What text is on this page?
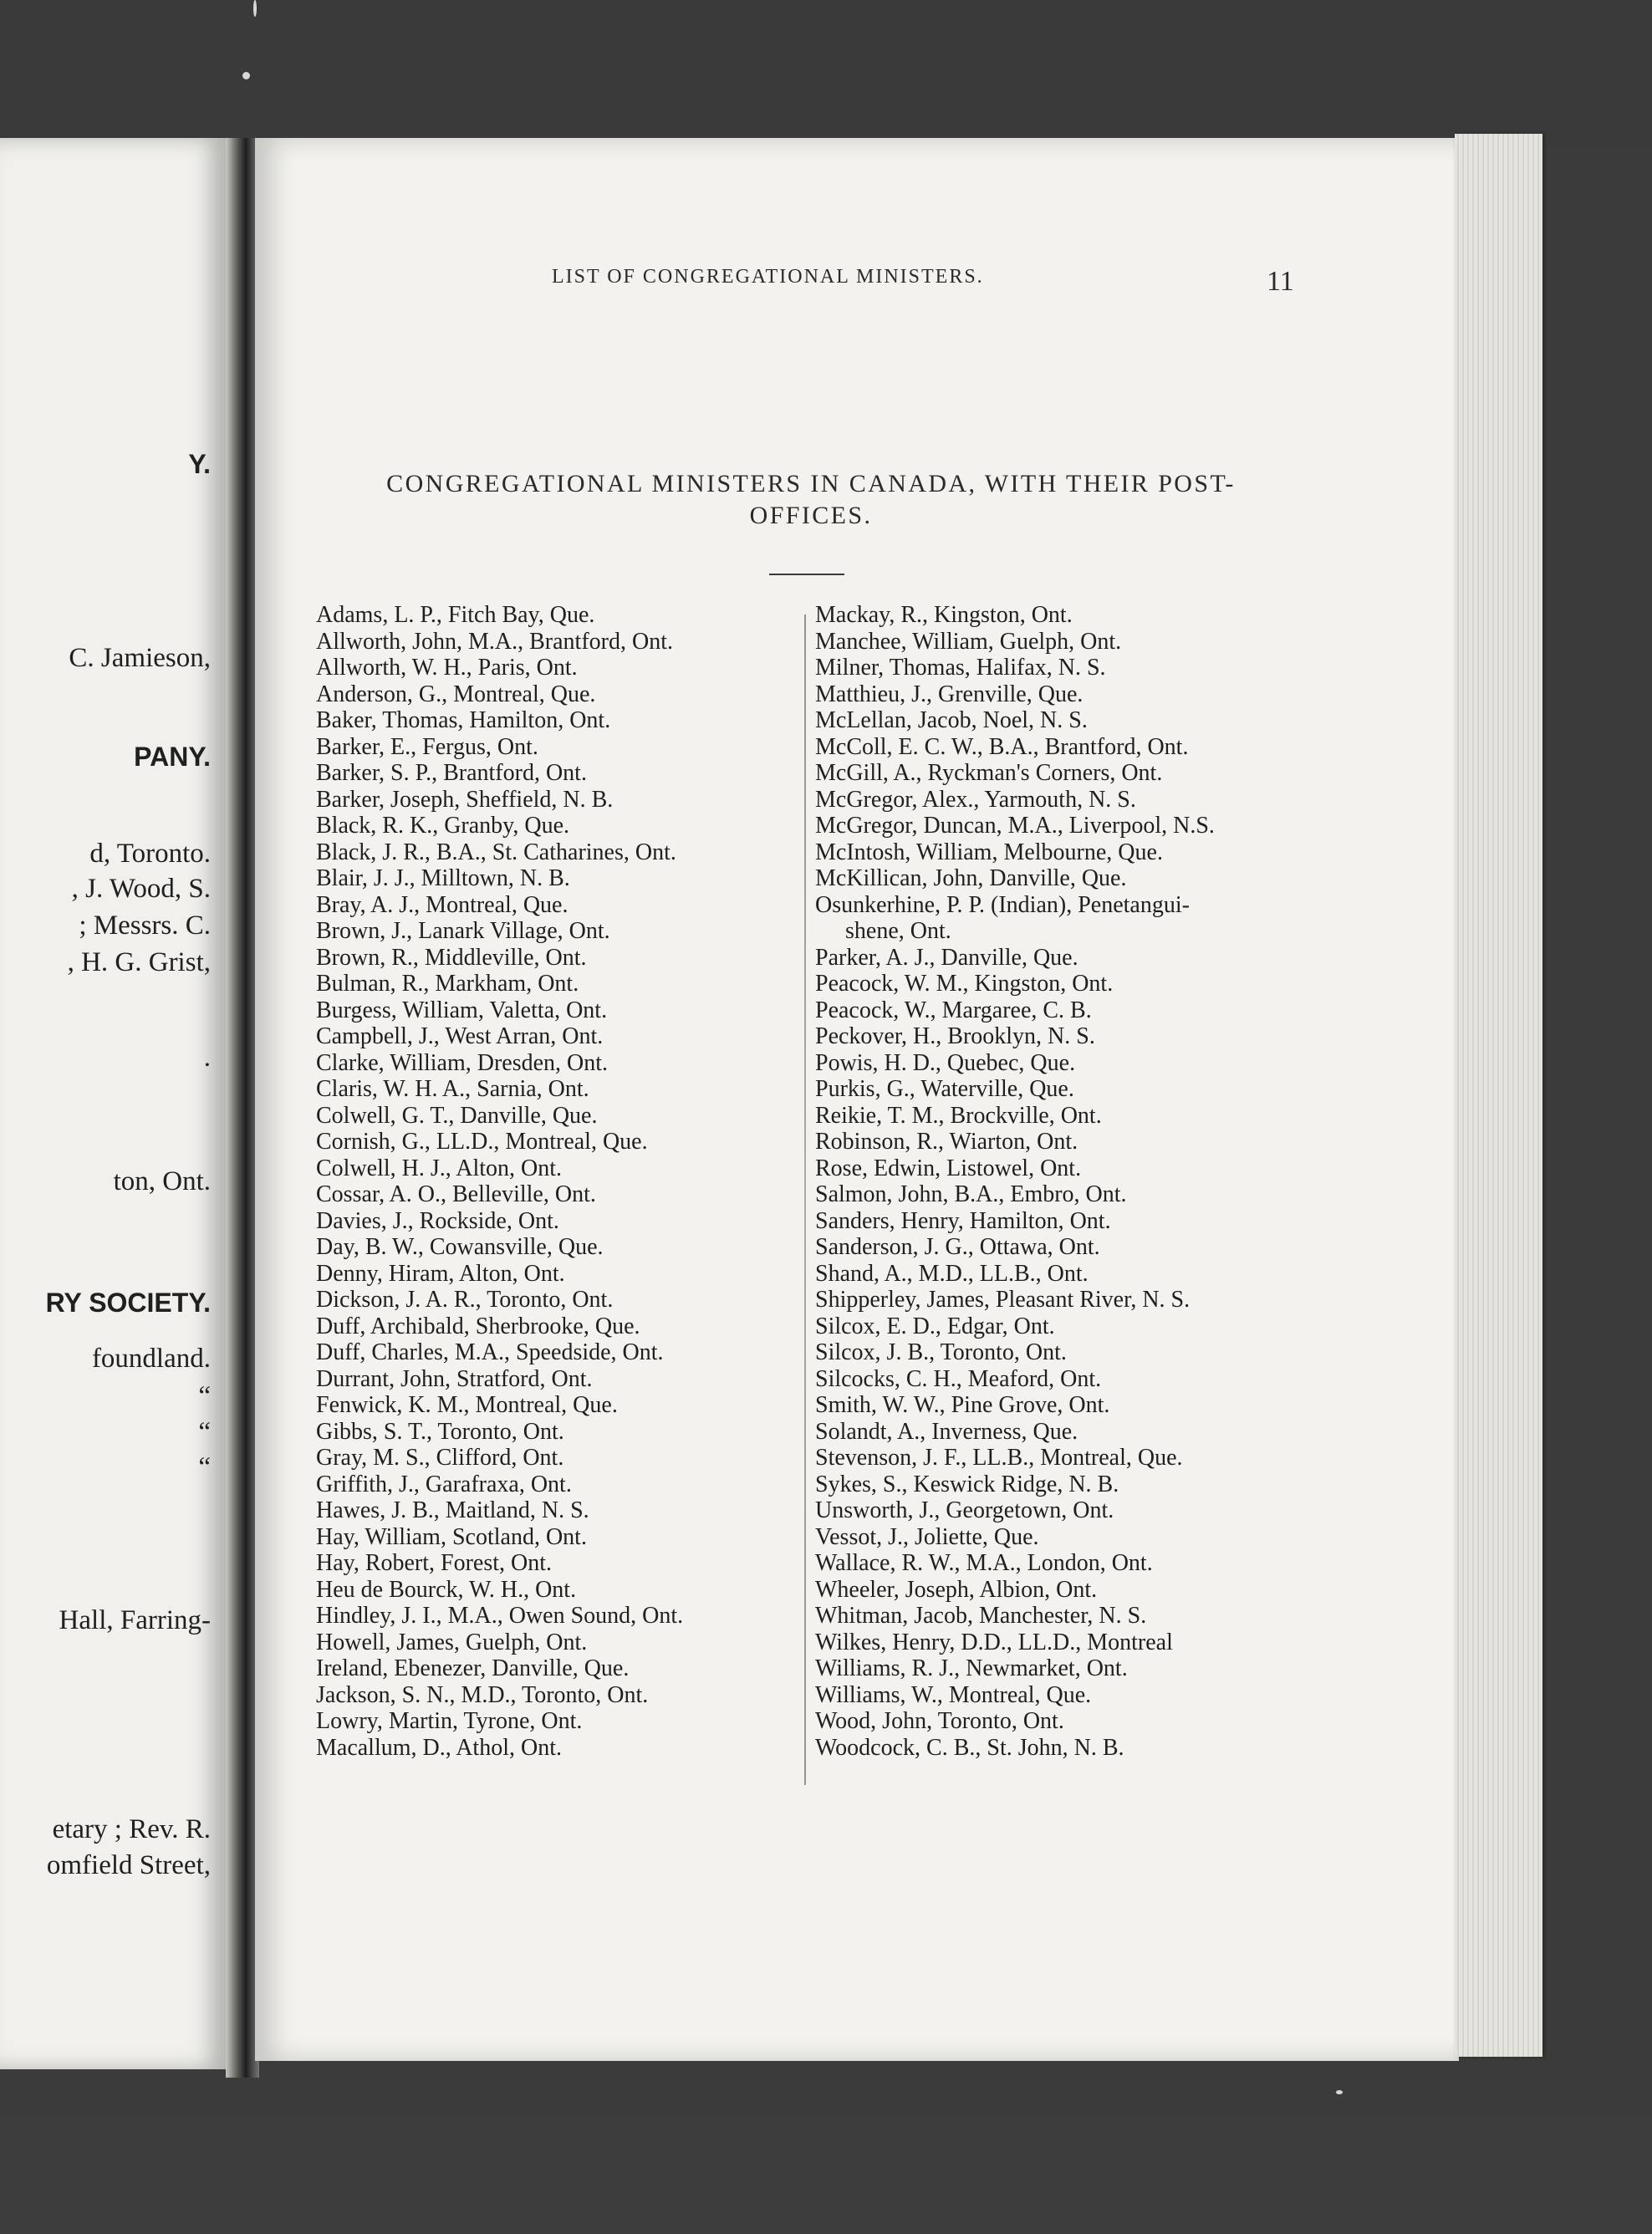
Y.
C. Jamieson,
PANY.
d, Toronto.
, J. Wood, S.
; Messrs. C.
, H. G. Grist,
.
ton, Ont.
RY SOCIETY.
foundland.
“
“
“
Hall, Farring-
etary ; Rev. R.
omfield Street,
LIST OF CONGREGATIONAL MINISTERS.	11
CONGREGATIONAL MINISTERS IN CANADA, WITH THEIR POST-
OFFICES.
Adams, L. P., Fitch Bay, Que.
Allworth, John, M.A., Brantford, Ont.
Allworth, W. H., Paris, Ont.
Anderson, G., Montreal, Que.
Baker, Thomas, Hamilton, Ont.
Barker, E., Fergus, Ont.
Barker, S. P., Brantford, Ont.
Barker, Joseph, Sheffield, N. B.
Black, R. K., Granby, Que.
Black, J. R., B.A., St. Catharines, Ont.
Blair, J. J., Milltown, N. B.
Bray, A. J., Montreal, Que.
Brown, J., Lanark Village, Ont.
Brown, R., Middleville, Ont.
Bulman, R., Markham, Ont.
Burgess, William, Valetta, Ont.
Campbell, J., West Arran, Ont.
Clarke, William, Dresden, Ont.
Claris, W. H. A., Sarnia, Ont.
Colwell, G. T., Danville, Que.
Cornish, G., LL.D., Montreal, Que.
Colwell, H. J., Alton, Ont.
Cossar, A. O., Belleville, Ont.
Davies, J., Rockside, Ont.
Day, B. W., Cowansville, Que.
Denny, Hiram, Alton, Ont.
Dickson, J. A. R., Toronto, Ont.
Duff, Archibald, Sherbrooke, Que.
Duff, Charles, M.A., Speedside, Ont.
Durrant, John, Stratford, Ont.
Fenwick, K. M., Montreal, Que.
Gibbs, S. T., Toronto, Ont.
Gray, M. S., Clifford, Ont.
Griffith, J., Garafraxa, Ont.
Hawes, J. B., Maitland, N. S.
Hay, William, Scotland, Ont.
Hay, Robert, Forest, Ont.
Heu de Bourck, W. H., Ont.
Hindley, J. I., M.A., Owen Sound, Ont.
Howell, James, Guelph, Ont.
Ireland, Ebenezer, Danville, Que.
Jackson, S. N., M.D., Toronto, Ont.
Lowry, Martin, Tyrone, Ont.
Macallum, D., Athol, Ont.
Mackay, R., Kingston, Ont.
Manchee, William, Guelph, Ont.
Milner, Thomas, Halifax, N. S.
Matthieu, J., Grenville, Que.
McLellan, Jacob, Noel, N. S.
McColl, E. C. W., B.A., Brantford, Ont.
McGill, A., Ryckman's Corners, Ont.
McGregor, Alex., Yarmouth, N. S.
McGregor, Duncan, M.A., Liverpool, N.S.
McIntosh, William, Melbourne, Que.
McKillican, John, Danville, Que.
Osunkerhine, P. P. (Indian), Penetangui-
shene, Ont.
Parker, A. J., Danville, Que.
Peacock, W. M., Kingston, Ont.
Peacock, W., Margaree, C. B.
Peckover, H., Brooklyn, N. S.
Powis, H. D., Quebec, Que.
Purkis, G., Waterville, Que.
Reikie, T. M., Brockville, Ont.
Robinson, R., Wiarton, Ont.
Rose, Edwin, Listowel, Ont.
Salmon, John, B.A., Embro, Ont.
Sanders, Henry, Hamilton, Ont.
Sanderson, J. G., Ottawa, Ont.
Shand, A., M.D., LL.B., Ont.
Shipperley, James, Pleasant River, N. S.
Silcox, E. D., Edgar, Ont.
Silcox, J. B., Toronto, Ont.
Silcocks, C. H., Meaford, Ont.
Smith, W. W., Pine Grove, Ont.
Solandt, A., Inverness, Que.
Stevenson, J. F., LL.B., Montreal, Que.
Sykes, S., Keswick Ridge, N. B.
Unsworth, J., Georgetown, Ont.
Vessot, J., Joliette, Que.
Wallace, R. W., M.A., London, Ont.
Wheeler, Joseph, Albion, Ont.
Whitman, Jacob, Manchester, N. S.
Wilkes, Henry, D.D., LL.D., Montreal
Williams, R. J., Newmarket, Ont.
Williams, W., Montreal, Que.
Wood, John, Toronto, Ont.
Woodcock, C. B., St. John, N. B.
